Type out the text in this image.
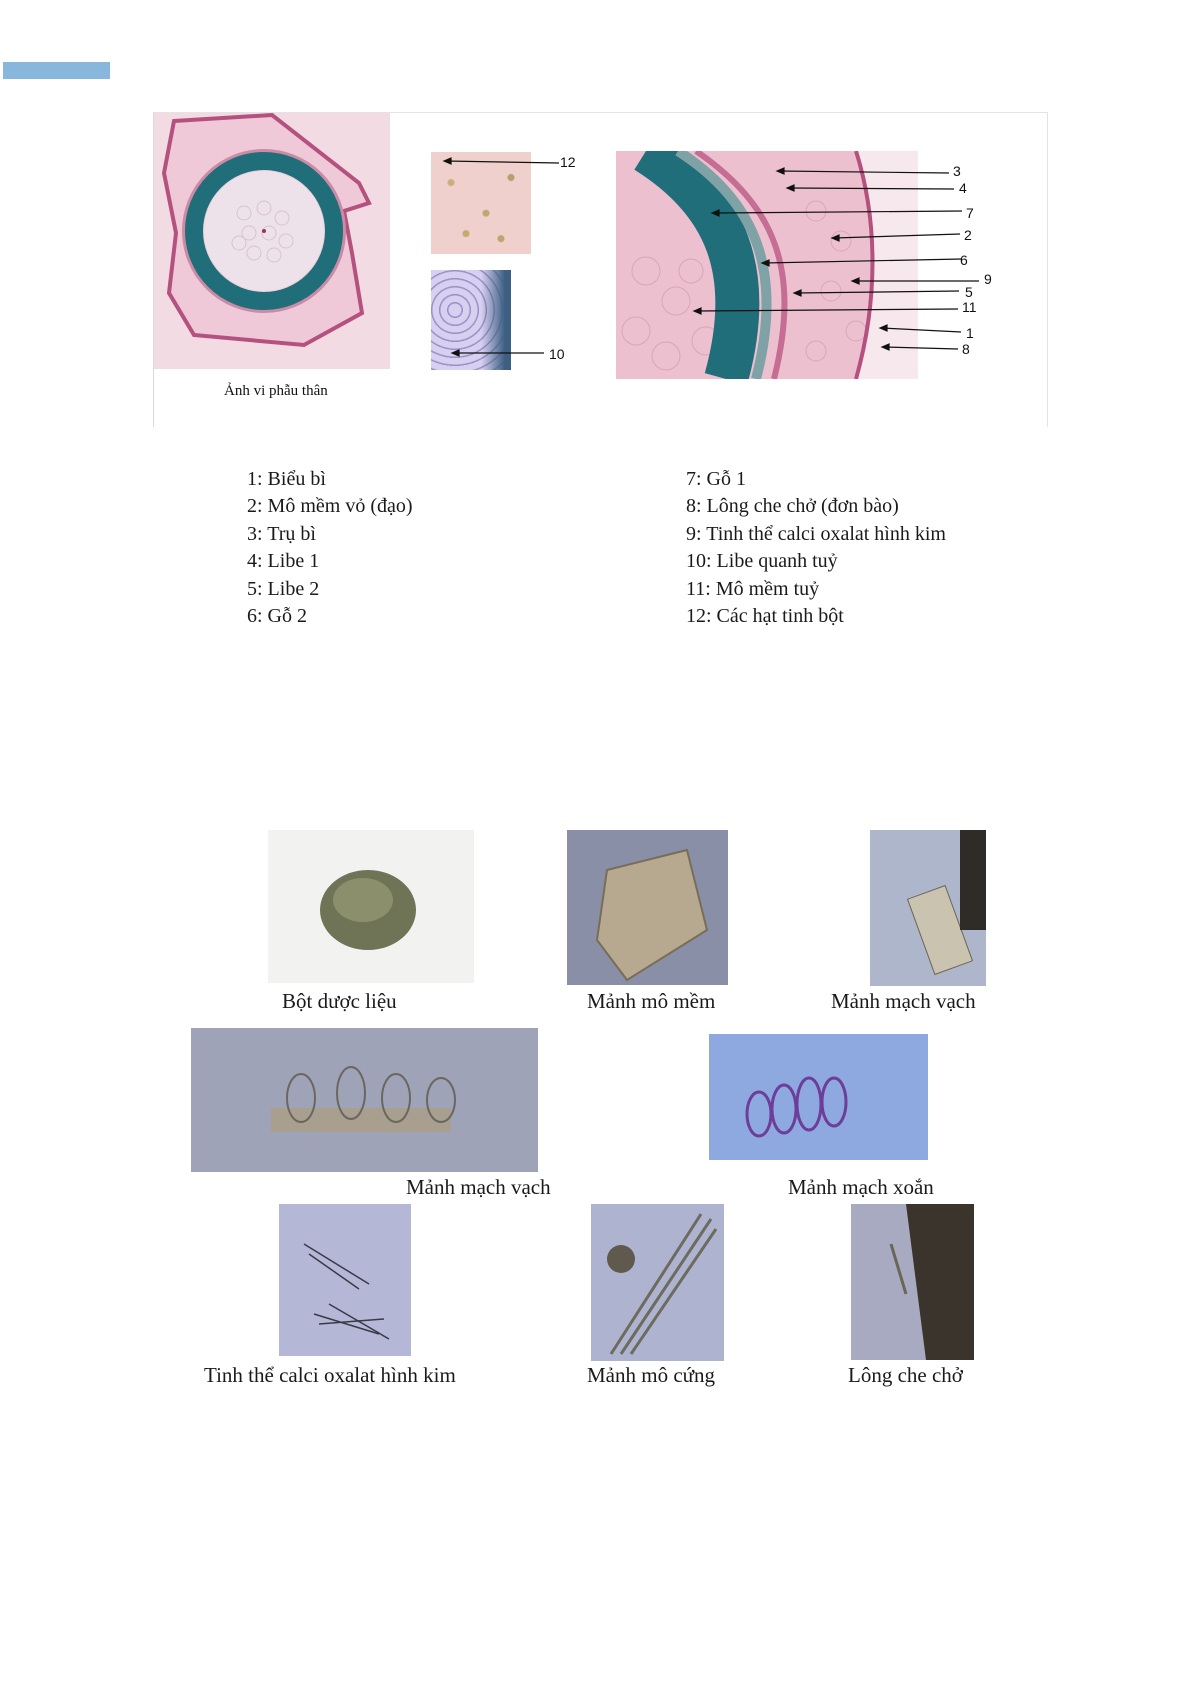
12
10
3
4
7
2
6
9
5
11
1
8
Ảnh vi phẫu thân
1: Biểu bì
2: Mô mềm vỏ (đạo)
3: Trụ bì
4: Libe 1
5: Libe 2
6: Gỗ 2
7: Gỗ 1
8: Lông che chở (đơn bào)
9: Tinh thể calci oxalat hình kim
10: Libe quanh tuỷ
11: Mô mềm tuỷ
12: Các hạt tinh bột
Bột dược liệu	Mảnh mô mềm	Mảnh mạch vạch
Mảnh mạch vạch	Mảnh mạch xoắn
Tinh thể calci oxalat hình kim	Mảnh mô cứng	Lông che chở
